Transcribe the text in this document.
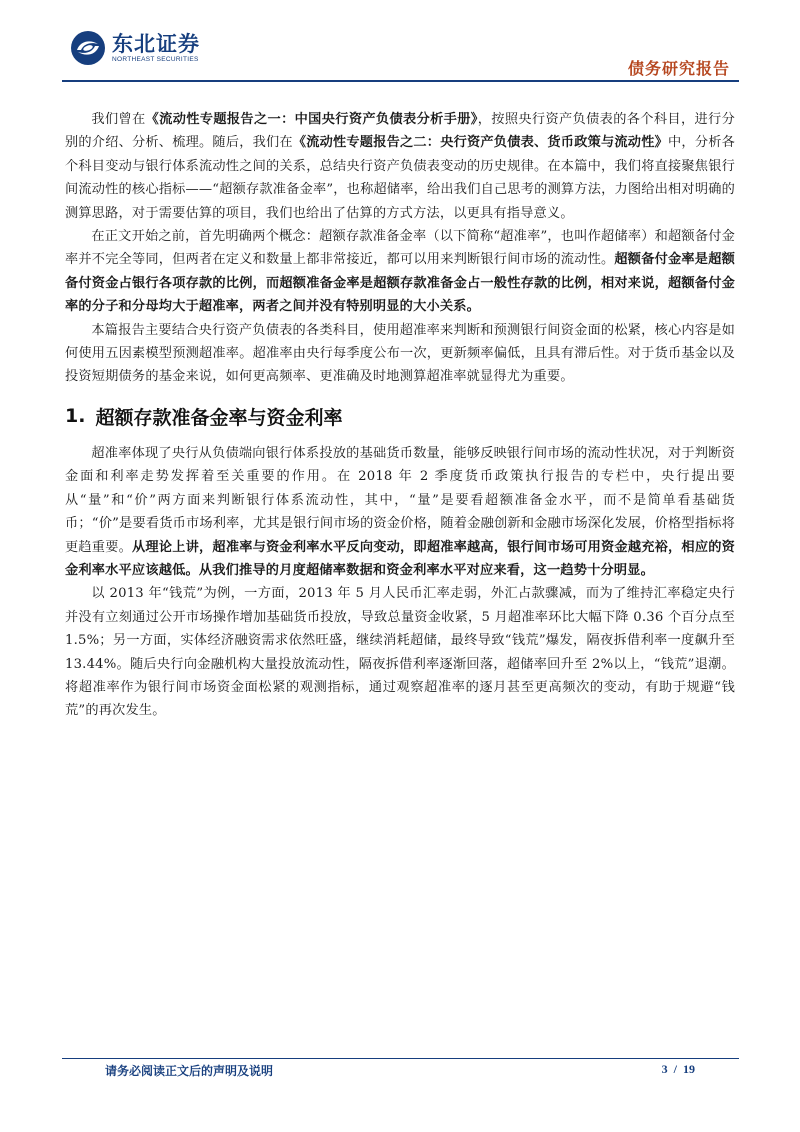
东北证券
NORTHEAST SECURITIES	债务研究报告

我们曾在《流动性专题报告之一：中国央行资产负债表分析手册》，按照央行资产负债表的各个科目，进行分别的介绍、分析、梳理。随后，我们在《流动性专题报告之二：央行资产负债表、货币政策与流动性》中，分析各个科目变动与银行体系流动性之间的关系，总结央行资产负债表变动的历史规律。在本篇中，我们将直接聚焦银行间流动性的核心指标——“超额存款准备金率”，也称超储率，给出我们自己思考的测算方法，力图给出相对明确的测算思路，对于需要估算的项目，我们也给出了估算的方式方法，以更具有指导意义。

在正文开始之前，首先明确两个概念：超额存款准备金率（以下简称“超准率”，也叫作超储率）和超额备付金率并不完全等同，但两者在定义和数量上都非常接近，都可以用来判断银行间市场的流动性。超额备付金率是超额备付资金占银行各项存款的比例，而超额准备金率是超额存款准备金占一般性存款的比例，相对来说，超额备付金率的分子和分母均大于超准率，两者之间并没有特别明显的大小关系。

本篇报告主要结合央行资产负债表的各类科目，使用超准率来判断和预测银行间资金面的松紧，核心内容是如何使用五因素模型预测超准率。超准率由央行每季度公布一次，更新频率偏低，且具有滞后性。对于货币基金以及投资短期债务的基金来说，如何更高频率、更准确及时地测算超准率就显得尤为重要。

1. 超额存款准备金率与资金利率

超准率体现了央行从负债端向银行体系投放的基础货币数量，能够反映银行间市场的流动性状况，对于判断资金面和利率走势发挥着至关重要的作用。在 2018 年 2 季度货币政策执行报告的专栏中，央行提出要从“量”和“价”两方面来判断银行体系流动性，其中，“量”是要看超额准备金水平，而不是简单看基础货币；“价”是要看货币市场利率，尤其是银行间市场的资金价格，随着金融创新和金融市场深化发展，价格型指标将更趋重要。从理论上讲，超准率与资金利率水平反向变动，即超准率越高，银行间市场可用资金越充裕，相应的资金利率水平应该越低。从我们推导的月度超储率数据和资金利率水平对应来看，这一趋势十分明显。

以 2013 年“钱荒”为例，一方面，2013 年 5 月人民币汇率走弱，外汇占款骤减，而为了维持汇率稳定央行并没有立刻通过公开市场操作增加基础货币投放，导致总量资金收紧，5 月超准率环比大幅下降 0.36 个百分点至 1.5%；另一方面，实体经济融资需求依然旺盛，继续消耗超储，最终导致“钱荒”爆发，隔夜拆借利率一度飙升至 13.44%。随后央行向金融机构大量投放流动性，隔夜拆借利率逐渐回落，超储率回升至 2%以上，“钱荒”退潮。将超准率作为银行间市场资金面松紧的观测指标，通过观察超准率的逐月甚至更高频次的变动，有助于规避“钱荒”的再次发生。

请务必阅读正文后的声明及说明	3 / 19
